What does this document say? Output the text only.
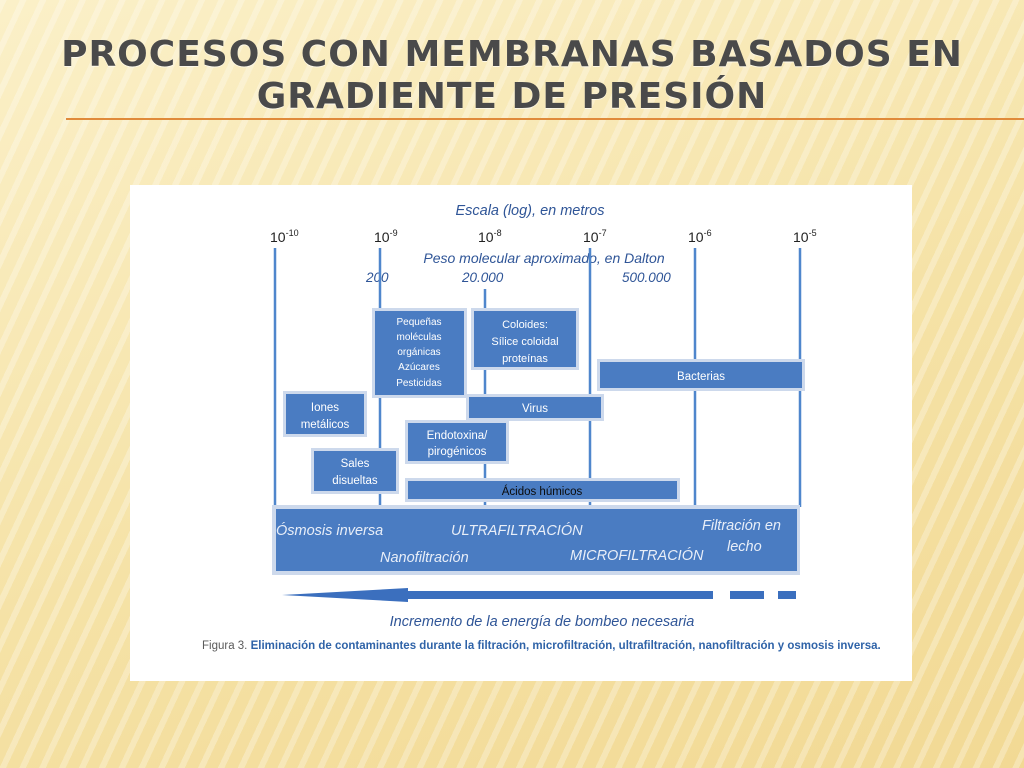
PROCESOS CON MEMBRANAS BASADOS EN
GRADIENTE DE PRESIÓN
Escala (log), en metros
$10^{-10}$	$10^{-9}$	$10^{-8}$	$10^{-7}$	$10^{-6}$	$10^{-5}$
Peso molecular aproximado, en Dalton
200	20.000	500.000
Pequeñas
moléculas
orgánicas
Azúcares
Pesticidas
Coloides:
Sílice coloidal
proteínas
Bacterias
Iones
metálicos
Virus
Endotoxina/
pirogénicos
Sales
disueltas
Ácidos húmicos
Ósmosis inversa	ULTRAFILTRACIÓN	Filtración en
lecho
Nanofiltración	MICROFILTRACIÓN
Incremento de la energía de bombeo necesaria
Figura 3. Eliminación de contaminantes durante la filtración, microfiltración, ultrafiltración, nanofiltración y osmosis inversa.
